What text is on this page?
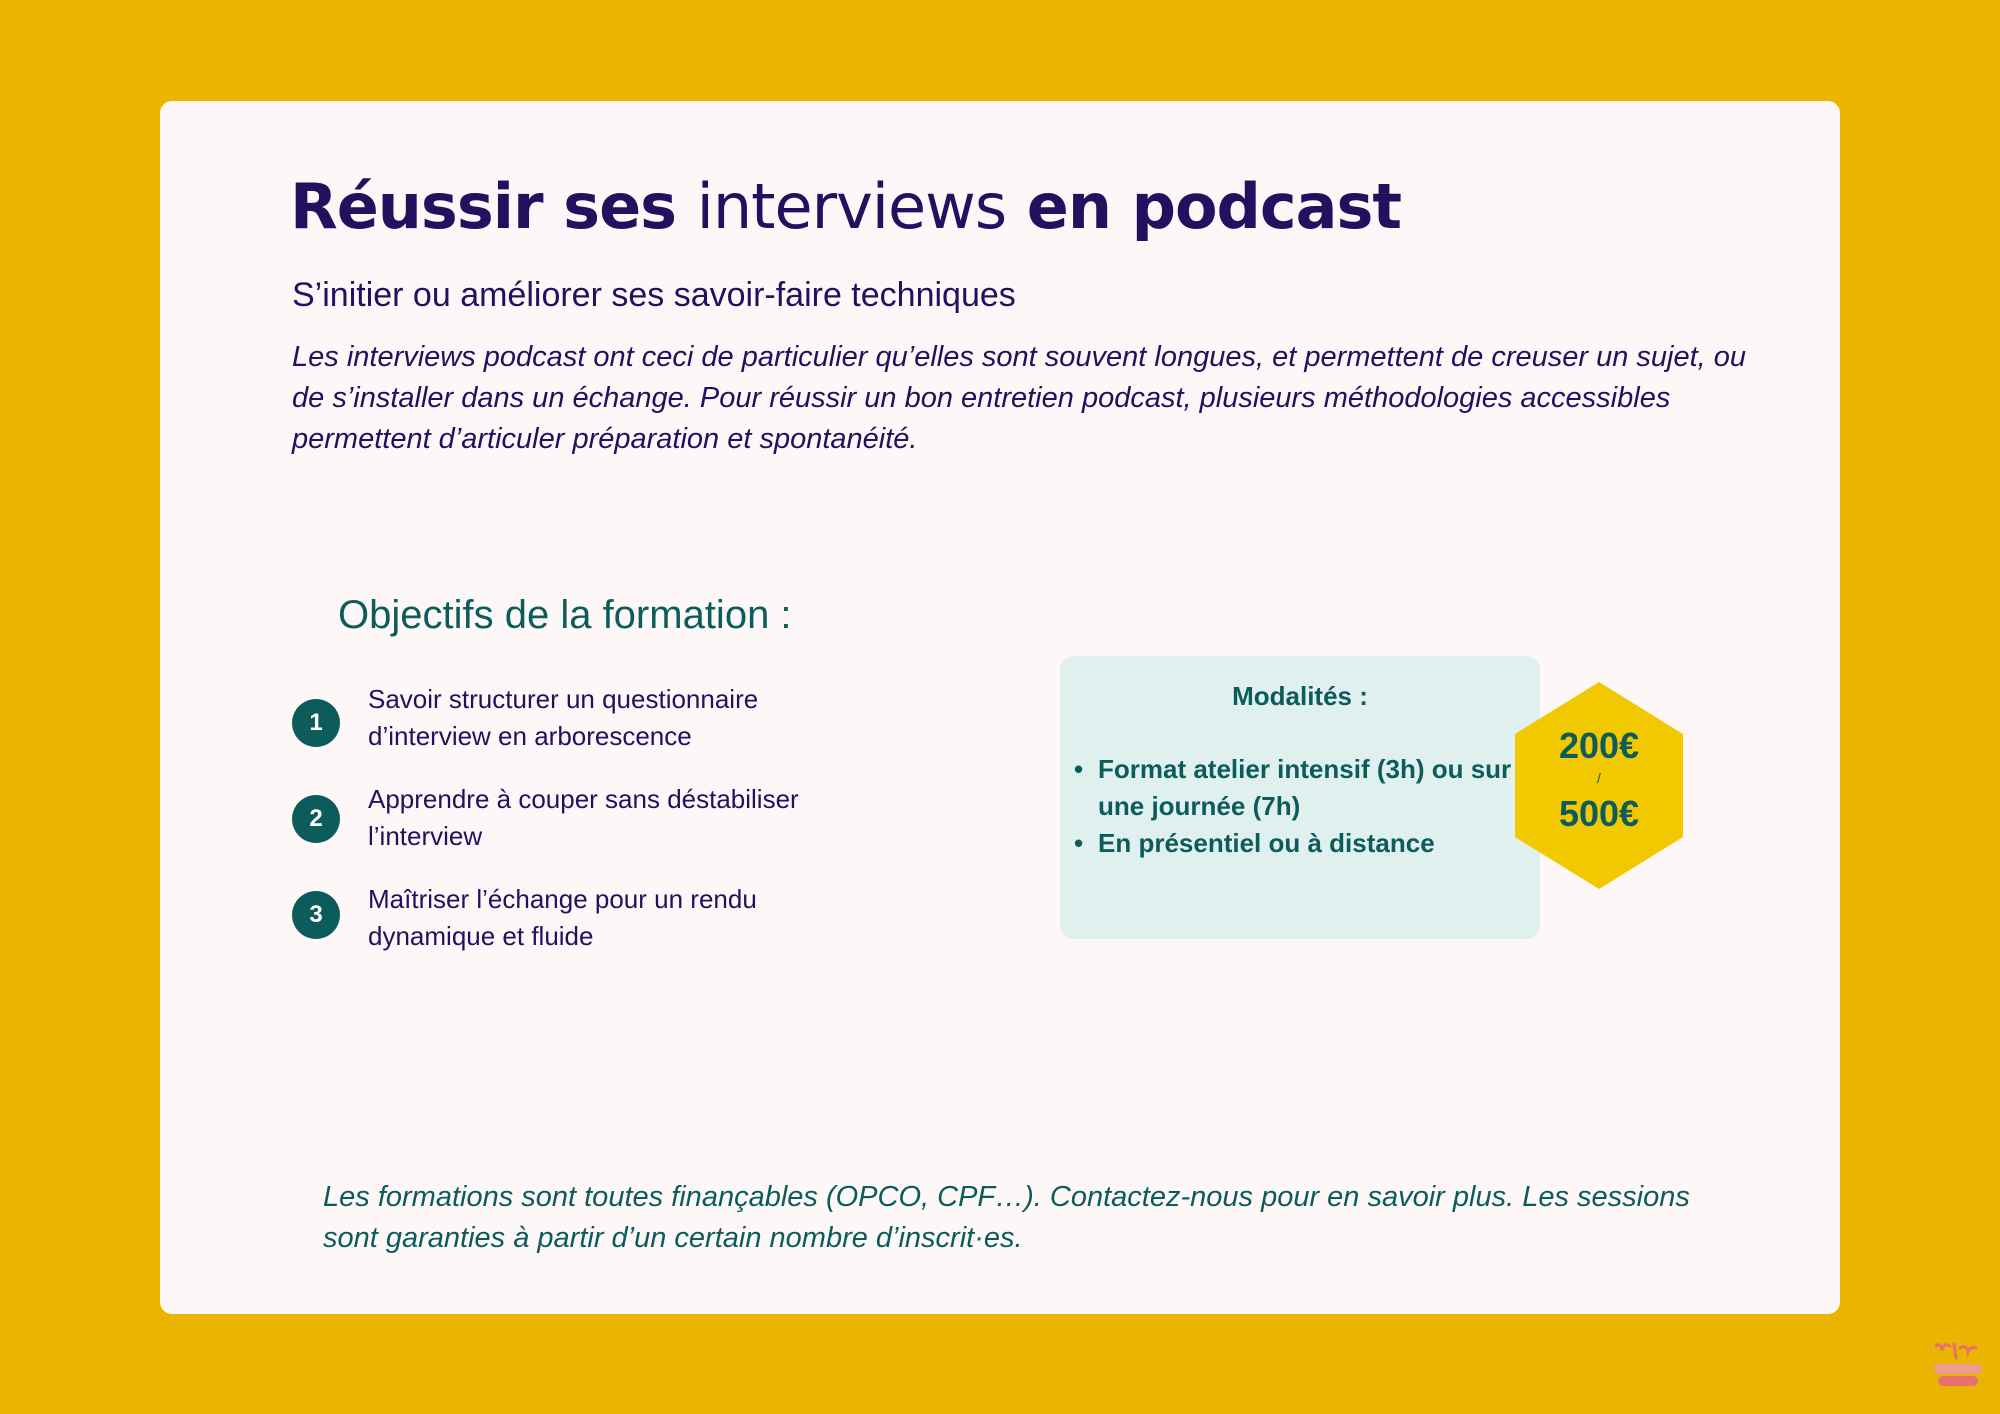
Réussir ses interviews en podcast

S’initier ou améliorer ses savoir-faire techniques

Les interviews podcast ont ceci de particulier qu’elles sont souvent longues, et permettent de creuser un sujet, ou de s’installer dans un échange. Pour réussir un bon entretien podcast, plusieurs méthodologies accessibles permettent d’articuler préparation et spontanéité.

Objectifs de la formation :
1
Savoir structurer un questionnaire d’interview en arborescence
2
Apprendre à couper sans déstabiliser l’interview
3
Maîtriser l’échange pour un rendu dynamique et fluide
Modalités :
• Format atelier intensif (3h) ou sur une journée (7h)
• En présentiel ou à distance
200€
/
500€

Les formations sont toutes finançables (OPCO, CPF…). Contactez-nous pour en savoir plus. Les sessions sont garanties à partir d’un certain nombre d’inscrit·es.
